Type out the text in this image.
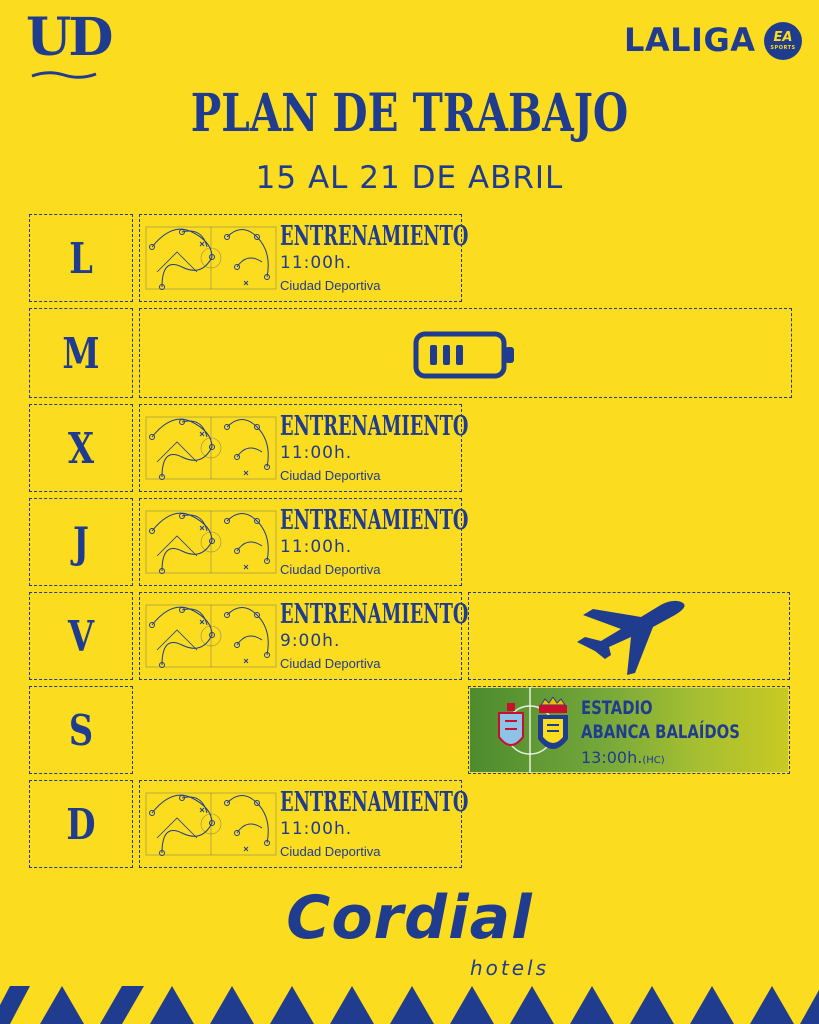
UD	LALIGA	EA
SPORTS
PLAN DE TRABAJO
15 AL 21 DE ABRIL
L	ENTRENAMIENTO
11:00h.
Ciudad Deportiva
M
X	ENTRENAMIENTO
11:00h.
Ciudad Deportiva
J	ENTRENAMIENTO
11:00h.
Ciudad Deportiva
V	ENTRENAMIENTO
9:00h.
Ciudad Deportiva
S	ESTADIO
ABANCA BALAÍDOS
13:00h.(HC)
D	ENTRENAMIENTO
11:00h.
Ciudad Deportiva
Cordial
hotels
